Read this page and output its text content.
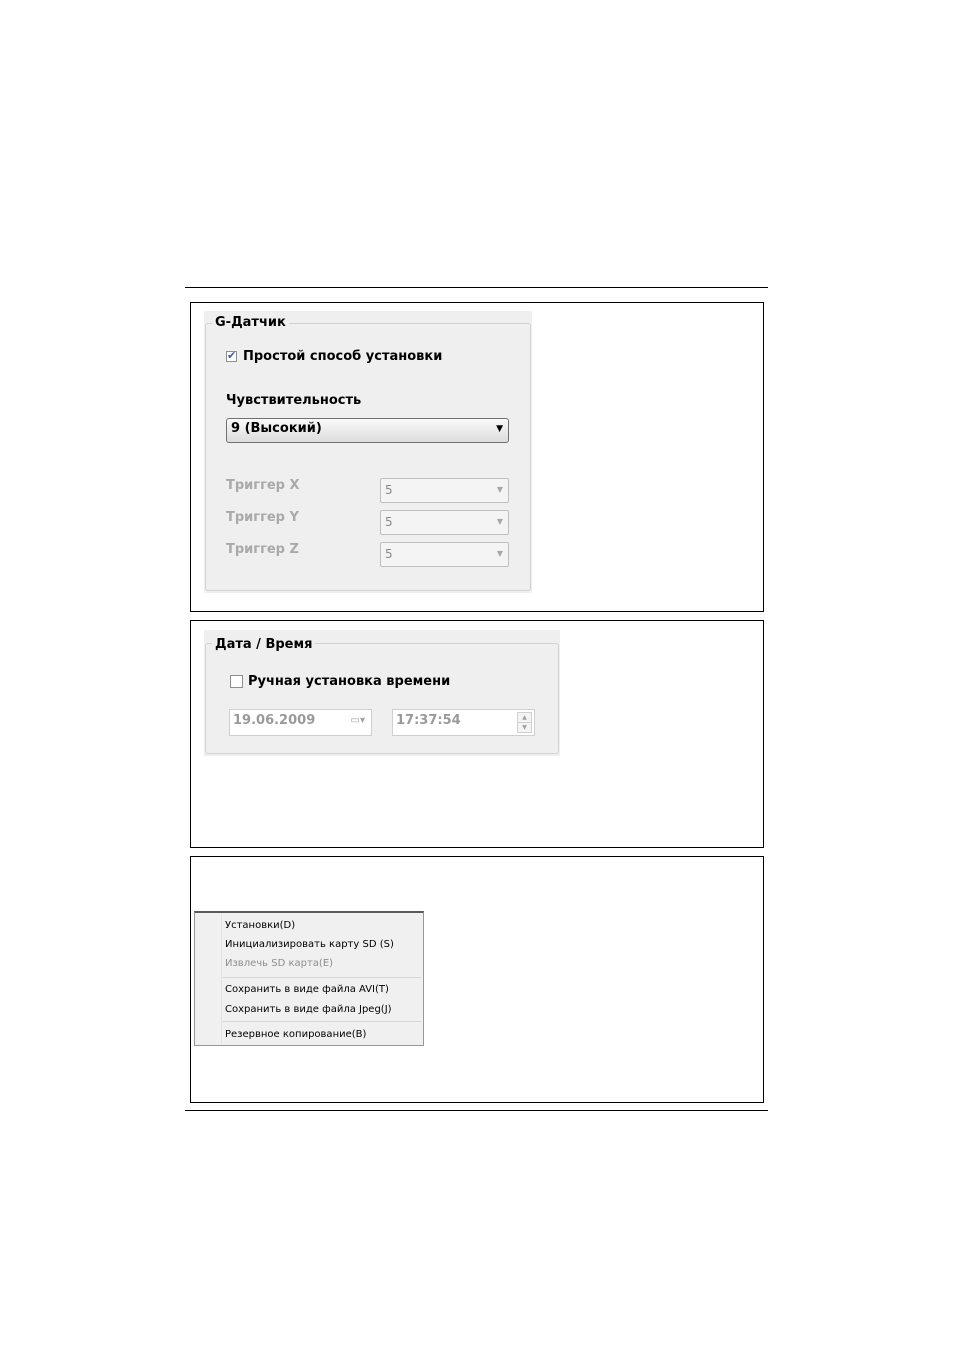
G-Датчик
✔ Простой способ установки
Чувствительность
9 (Высокий)	▼
Триггер X	5	▼
Триггер Y	5	▼
Триггер Z	5	▼
Дата / Время
Ручная установка времени
19.06.2009	▭▾	17:37:54	▲
▼
Установки(D)
Инициализировать карту SD (S)
Извлечь SD карта(E)
Сохранить в виде файла AVI(T)
Сохранить в виде файла Jpeg(J)
Резервное копирование(B)
